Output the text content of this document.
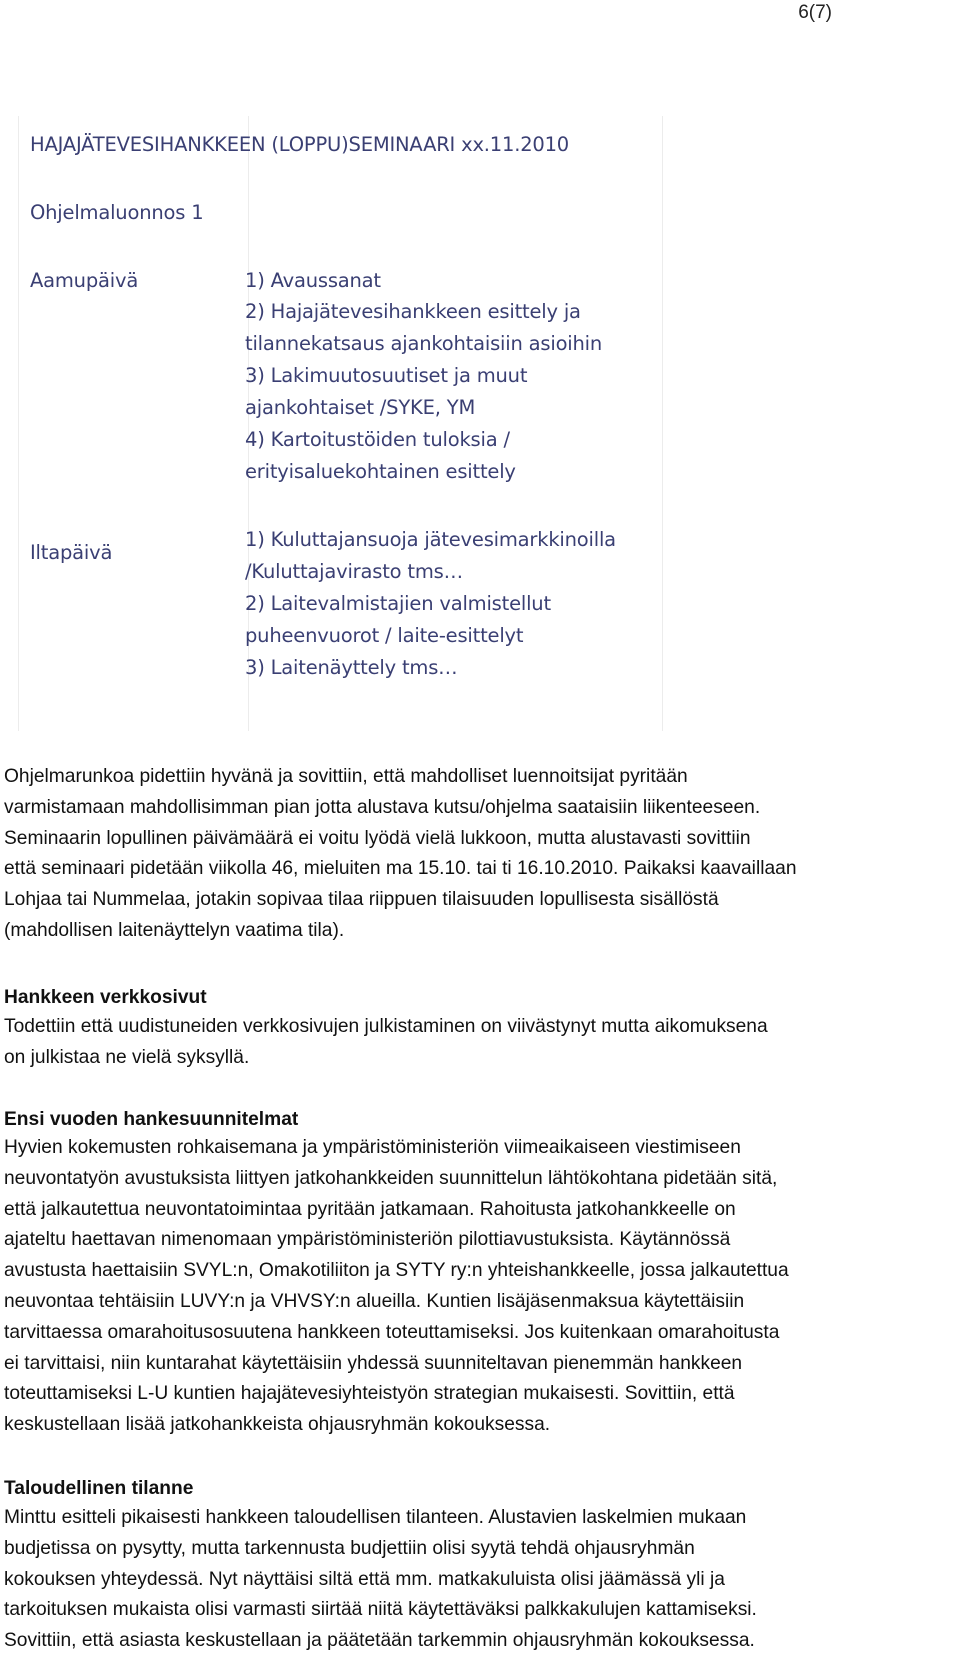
6(7)
HAJAJÄTEVESIHANKKEEN (LOPPU)SEMINAARI xx.11.2010
Ohjelmaluonnos 1
Aamupäivä	1) Avaussanat
2) Hajajätevesihankkeen esittely ja
tilannekatsaus ajankohtaisiin asioihin
3) Lakimuutosuutiset ja muut
ajankohtaiset /SYKE, YM
4) Kartoitustöiden tuloksia /
erityisaluekohtainen esittely
Iltapäivä
1) Kuluttajansuoja jätevesimarkkinoilla
/Kuluttajavirasto tms…
2) Laitevalmistajien valmistellut
puheenvuorot / laite-esittelyt
3) Laitenäyttely tms…
Ohjelmarunkoa pidettiin hyvänä ja sovittiin, että mahdolliset luennoitsijat pyritään
varmistamaan mahdollisimman pian jotta alustava kutsu/ohjelma saataisiin liikenteeseen.
Seminaarin lopullinen päivämäärä ei voitu lyödä vielä lukkoon, mutta alustavasti sovittiin
että seminaari pidetään viikolla 46, mieluiten ma 15.10. tai ti 16.10.2010. Paikaksi kaavaillaan
Lohjaa tai Nummelaa, jotakin sopivaa tilaa riippuen tilaisuuden lopullisesta sisällöstä
(mahdollisen laitenäyttelyn vaatima tila).
Hankkeen verkkosivut
Todettiin että uudistuneiden verkkosivujen julkistaminen on viivästynyt mutta aikomuksena
on julkistaa ne vielä syksyllä.
Ensi vuoden hankesuunnitelmat
Hyvien kokemusten rohkaisemana ja ympäristöministeriön viimeaikaiseen viestimiseen
neuvontatyön avustuksista liittyen jatkohankkeiden suunnittelun lähtökohtana pidetään sitä,
että jalkautettua neuvontatoimintaa pyritään jatkamaan. Rahoitusta jatkohankkeelle on
ajateltu haettavan nimenomaan ympäristöministeriön pilottiavustuksista. Käytännössä
avustusta haettaisiin SVYL:n, Omakotiliiton ja SYTY ry:n yhteishankkeelle, jossa jalkautettua
neuvontaa tehtäisiin LUVY:n ja VHVSY:n alueilla. Kuntien lisäjäsenmaksua käytettäisiin
tarvittaessa omarahoitusosuutena hankkeen toteuttamiseksi. Jos kuitenkaan omarahoitusta
ei tarvittaisi, niin kuntarahat käytettäisiin yhdessä suunniteltavan pienemmän hankkeen
toteuttamiseksi L-U kuntien hajajätevesiyhteistyön strategian mukaisesti. Sovittiin, että
keskustellaan lisää jatkohankkeista ohjausryhmän kokouksessa.
Taloudellinen tilanne
Minttu esitteli pikaisesti hankkeen taloudellisen tilanteen. Alustavien laskelmien mukaan
budjetissa on pysytty, mutta tarkennusta budjettiin olisi syytä tehdä ohjausryhmän
kokouksen yhteydessä. Nyt näyttäisi siltä että mm. matkakuluista olisi jäämässä yli ja
tarkoituksen mukaista olisi varmasti siirtää niitä käytettäväksi palkkakulujen kattamiseksi.
Sovittiin, että asiasta keskustellaan ja päätetään tarkemmin ohjausryhmän kokouksessa.
